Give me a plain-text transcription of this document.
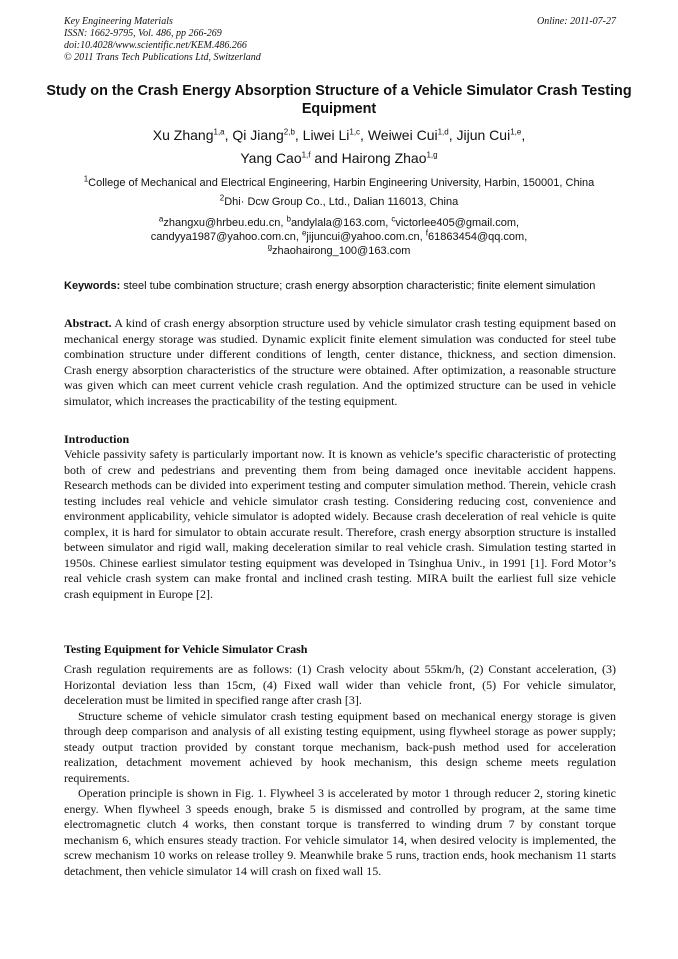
Key Engineering Materials
ISSN: 1662-9795, Vol. 486, pp 266-269
doi:10.4028/www.scientific.net/KEM.486.266
© 2011 Trans Tech Publications Ltd, Switzerland
Online: 2011-07-27
Study on the Crash Energy Absorption Structure of a Vehicle Simulator Crash Testing Equipment
Xu Zhang$^{1,a}$, Qi Jiang$^{2,b}$, Liwei Li$^{1,c}$, Weiwei Cui$^{1,d}$, Jijun Cui$^{1,e}$,
Yang Cao$^{1,f}$ and Hairong Zhao$^{1,g}$
$^1$College of Mechanical and Electrical Engineering, Harbin Engineering University, Harbin, 150001, China
$^2$Dhi· Dcw Group Co., Ltd., Dalian 116013, China
$^a$zhangxu@hrbeu.edu.cn, $^b$andylala@163.com, $^c$victorlee405@gmail.com,
candyya1987@yahoo.com.cn, $^e$jijuncui@yahoo.com.cn, $^f$61863454@qq.com,
$^g$zhaohairong_100@163.com
Keywords: steel tube combination structure; crash energy absorption characteristic; finite element simulation

Abstract. A kind of crash energy absorption structure used by vehicle simulator crash testing equipment based on mechanical energy storage was studied. Dynamic explicit finite element simulation was conducted for steel tube combination structure under different conditions of length, center distance, thickness, and section dimension. Crash energy absorption characteristics of the structure were obtained. After optimization, a reasonable structure was given which can meet current vehicle crash regulation. And the optimized structure can be used in vehicle simulator, which increases the practicability of the testing equipment.

Introduction

Vehicle passivity safety is particularly important now. It is known as vehicle’s specific characteristic of protecting both of crew and pedestrians and preventing them from being damaged once inevitable accident happens. Research methods can be divided into experiment testing and computer simulation method. Therein, vehicle crash testing includes real vehicle and vehicle simulator crash testing. Considering reducing cost, convenience and environment applicability, vehicle simulator is adopted widely. Because crash deceleration of real vehicle is quite complex, it is hard for simulator to obtain accurate result. Therefore, crash energy absorption structure is installed between simulator and rigid wall, making deceleration similar to real vehicle crash. Simulation testing started in 1950s. Chinese earliest simulator testing equipment was developed in Tsinghua Univ., in 1991 [1]. Ford Motor’s real vehicle crash system can make frontal and inclined crash testing. MIRA built the earliest full size vehicle crash equipment in Europe [2].

Testing Equipment for Vehicle Simulator Crash

Crash regulation requirements are as follows: (1) Crash velocity about 55km/h, (2) Constant acceleration, (3) Horizontal deviation less than 15cm, (4) Fixed wall wider than vehicle front, (5) For vehicle simulator, deceleration must be limited in specified range after crash [3].

Structure scheme of vehicle simulator crash testing equipment based on mechanical energy storage is given through deep comparison and analysis of all existing testing equipment, using flywheel storage as power supply; steady output traction provided by constant torque mechanism, back-push method used for acceleration realization, detachment movement achieved by hook mechanism, this design scheme meets regulation requirements.

Operation principle is shown in Fig. 1. Flywheel 3 is accelerated by motor 1 through reducer 2, storing kinetic energy. When flywheel 3 speeds enough, brake 5 is dismissed and controlled by program, at the same time electromagnetic clutch 4 works, then constant torque is transferred to winding drum 7 by constant torque mechanism 6, which ensures steady traction. For vehicle simulator 14, when desired velocity is implemented, the screw mechanism 10 works on release trolley 9. Meanwhile brake 5 runs, traction ends, hook mechanism 11 starts detachment, then vehicle simulator 14 will crash on fixed wall 15.
